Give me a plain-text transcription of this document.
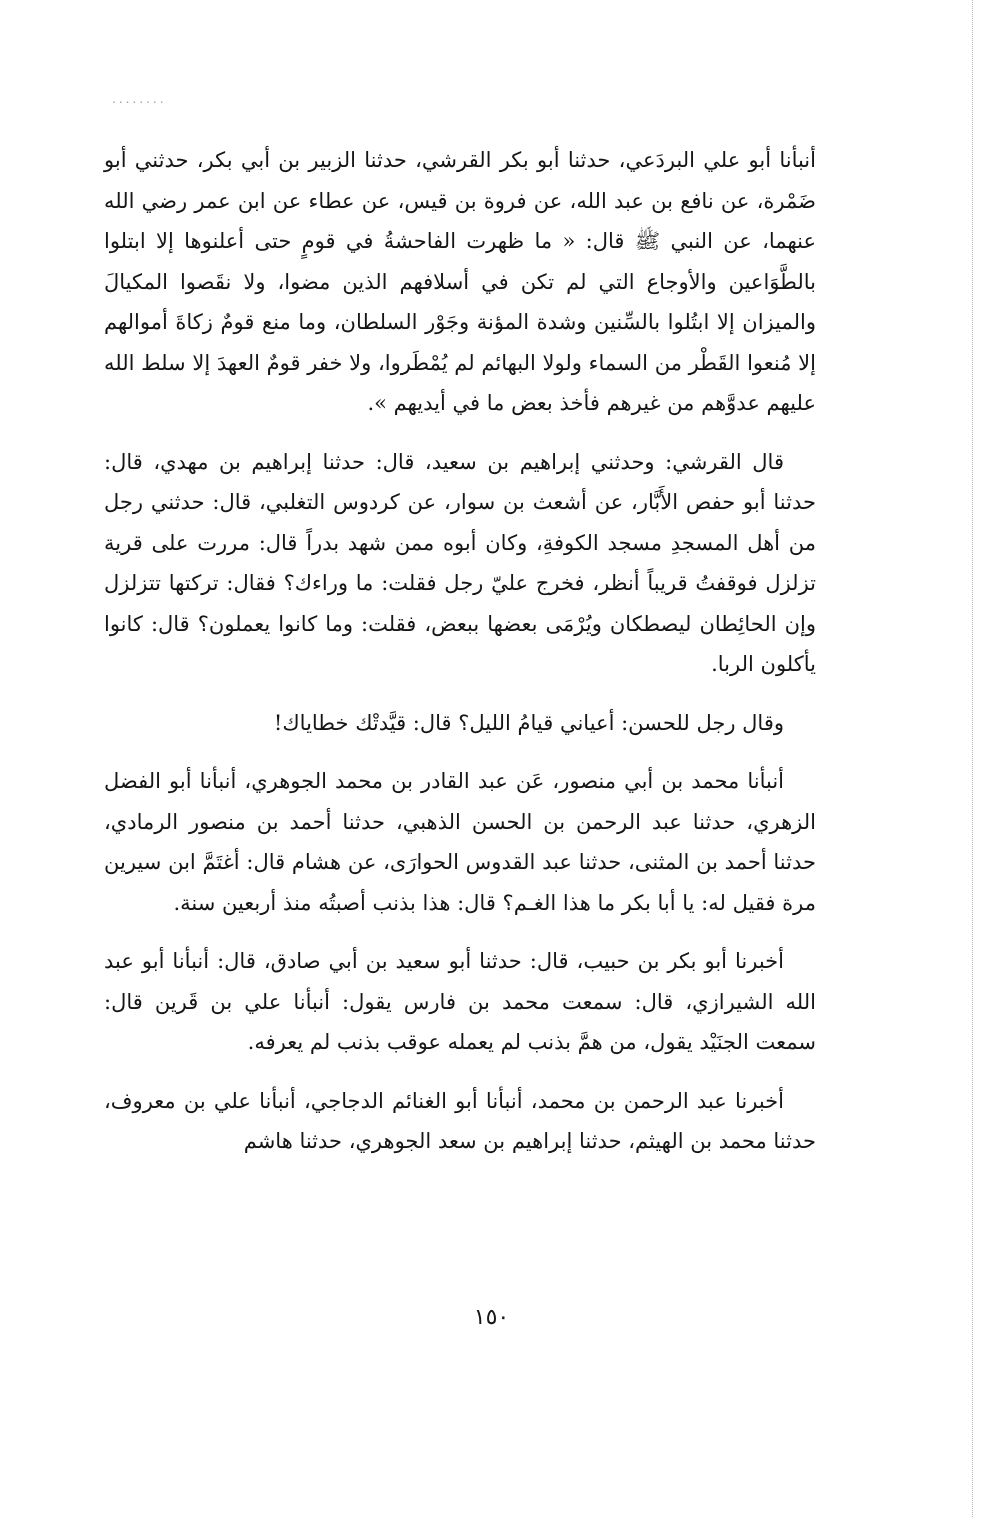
........

أنبأنا أبو علي البردَعي، حدثنا أبو بكر القرشي، حدثنا الزبير بن أبي بكر، حدثني أبو ضَمْرة، عن نافع بن عبد الله، عن فروة بن قيس، عن عطاء عن ابن عمر رضي الله عنهما، عن النبي ﷺ قال: « ما ظهرت الفاحشةُ في قومٍ حتى أعلنوها إلا ابتلوا بالطَّوَاعين والأوجاع التي لم تكن في أسلافهم الذين مضوا، ولا نقَصوا المكيالَ والميزان إلا ابتُلوا بالسِّنين وشدة المؤنة وجَوْر السلطان، وما منع قومٌ زكاةَ أموالهم إلا مُنعوا القَطْر من السماء ولولا البهائم لم يُمْطَروا، ولا خفر قومٌ العهدَ إلا سلط الله عليهم عدوَّهم من غيرهم فأخذ بعض ما في أيديهم ».

قال القرشي: وحدثني إبراهيم بن سعيد، قال: حدثنا إبراهيم بن مهدي، قال: حدثنا أبو حفص الأَبَّار، عن أشعث بن سوار، عن كردوس التغلبي، قال: حدثني رجل من أهل المسجدِ مسجد الكوفةِ، وكان أبوه ممن شهد بدراً قال: مررت على قرية تزلزل فوقفتُ قريباً أنظر، فخرج عليّ رجل فقلت: ما وراءك؟ فقال: تركتها تتزلزل وإن الحائِطان ليصطكان ويُرْمَى بعضها ببعض، فقلت: وما كانوا يعملون؟ قال: كانوا يأكلون الربا.

وقال رجل للحسن: أعياني قيامُ الليل؟ قال: قيَّدتْك خطاياك!

أنبأنا محمد بن أبي منصور، عَن عبد القادر بن محمد الجوهري، أنبأنا أبو الفضل الزهري، حدثنا عبد الرحمن بن الحسن الذهبي، حدثنا أحمد بن منصور الرمادي، حدثنا أحمد بن المثنى، حدثنا عبد القدوس الحوارَى، عن هشام قال: أغتَمَّ ابن سيرين مرة فقيل له: يا أبا بكر ما هذا الغـم؟ قال: هذا بذنب أصبتُه منذ أربعين سنة.

أخبرنا أبو بكر بن حبيب، قال: حدثنا أبو سعيد بن أبي صادق، قال: أنبأنا أبو عبد الله الشيرازي، قال: سمعت محمد بن فارس يقول: أنبأنا علي بن قَرين قال: سمعت الجنَيْد يقول، من همَّ بذنب لم يعمله عوقب بذنب لم يعرفه.

أخبرنا عبد الرحمن بن محمد، أنبأنا أبو الغنائم الدجاجي، أنبأنا علي بن معروف، حدثنا محمد بن الهيثم، حدثنا إبراهيم بن سعد الجوهري، حدثنا هاشم

١٥٠
